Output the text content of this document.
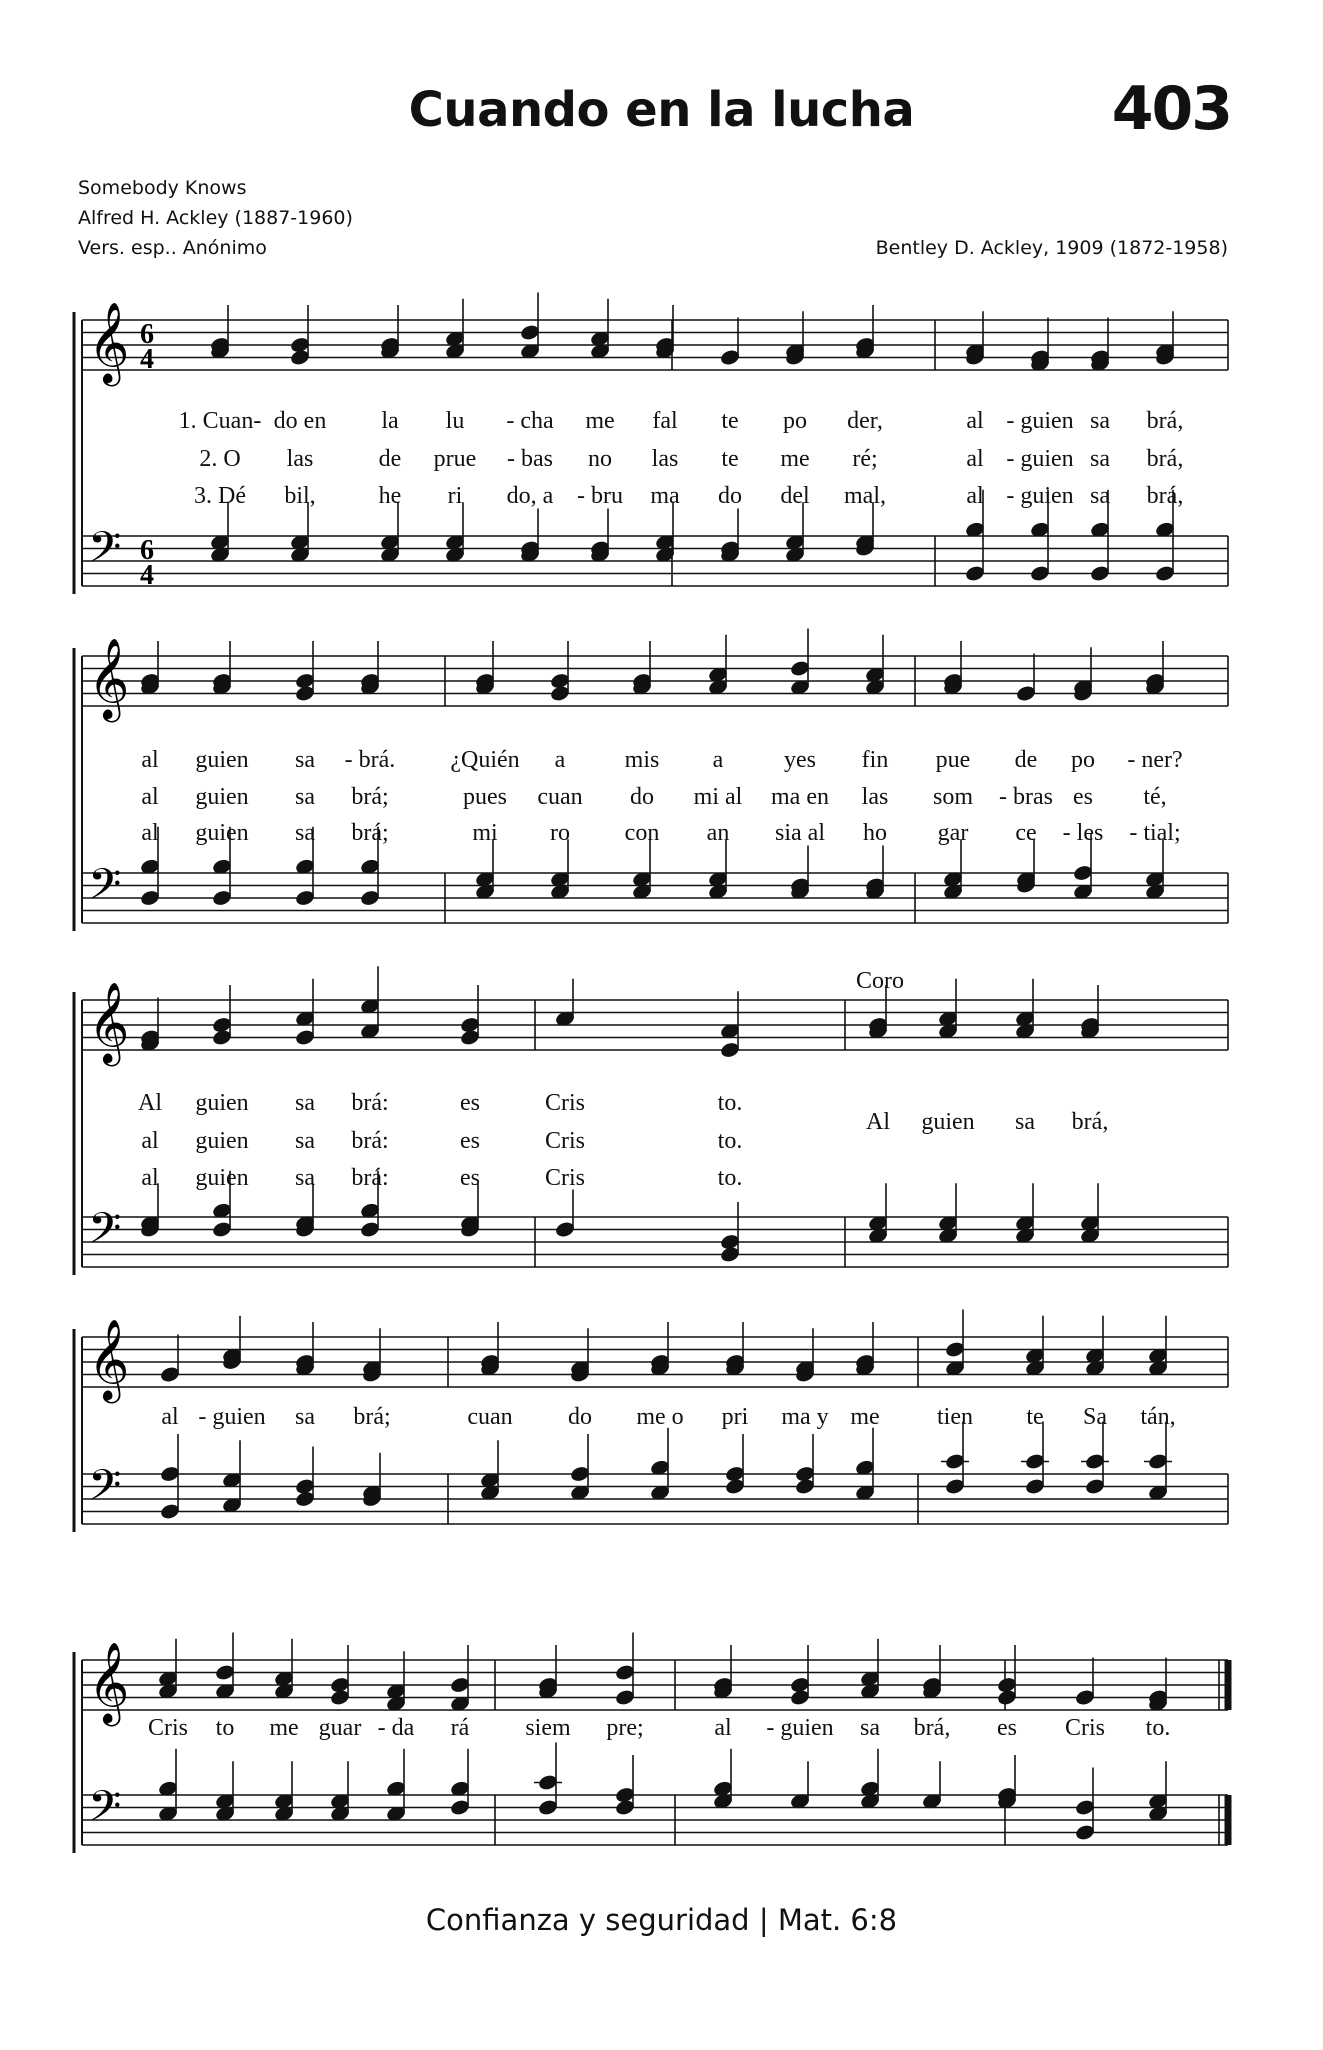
Cuando en la lucha	403
Somebody Knows
Alfred H. Ackley (1887-1960)
Vers. esp.. Anónimo	Bentley D. Ackley, 1909 (1872-1958)
𝄞 6
4
𝄢 6
4
1. Cuan- do en la lu - cha me fal te po der,	al - guien sa brá,
2. O las	de prue - bas no las te me ré;	al - guien sa brá,
3. Dé bil,	he ri do, a - bru ma do del mal,	al - guien sa brá,
𝄞
𝄢
al guien sa - brá. ¿Quién a mis a	yes fin pue de po - ner?
al guien sa brá;	pues cuan do mi al ma en las som - bras es té,
al guien sa brá;	mi ro con an sia al ho gar ce - les - tial;
𝄞
𝄢
Al guien sa brá:	es	Cris	to.
al guien sa brá:	es	Cris	to.
al guien sa brá:	es	Cris	to.
Coro
Al guien sa brá,
𝄞
𝄢
al - guien sa brá;	cuan do me o pri ma y me tien te Sa tán,
𝄞
𝄢
Cris to me guar - da rá siem pre;	al - guien sa brá, es Cris to.
Confianza y seguridad | Mat. 6:8
